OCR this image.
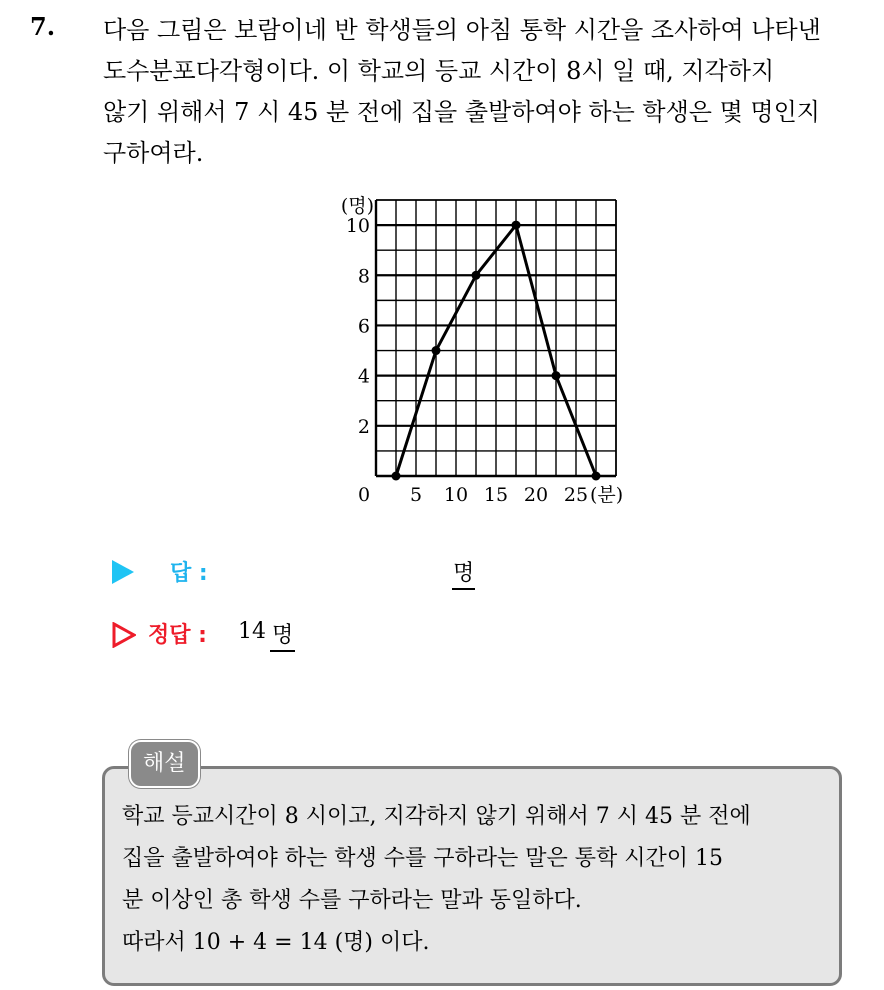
7. 다음 그림은 보람이네 반 학생들의 아침 통학 시간을 조사하여 나타낸
도수분포다각형이다. 이 학교의 등교 시간이 8시 일 때, 지각하지
않기 위해서 7 시 45 분 전에 집을 출발하여야 하는 학생은 몇 명인지
구하여라.
2
4
6
8
10
0 5 10 15 20 25
(명)
(분)
답 :	명
정답 : 14 명
해설
학교 등교시간이 8 시이고, 지각하지 않기 위해서 7 시 45 분 전에
집을 출발하여야 하는 학생 수를 구하라는 말은 통학 시간이 15
분 이상인 총 학생 수를 구하라는 말과 동일하다.
따라서 10 + 4 = 14 (명) 이다.
